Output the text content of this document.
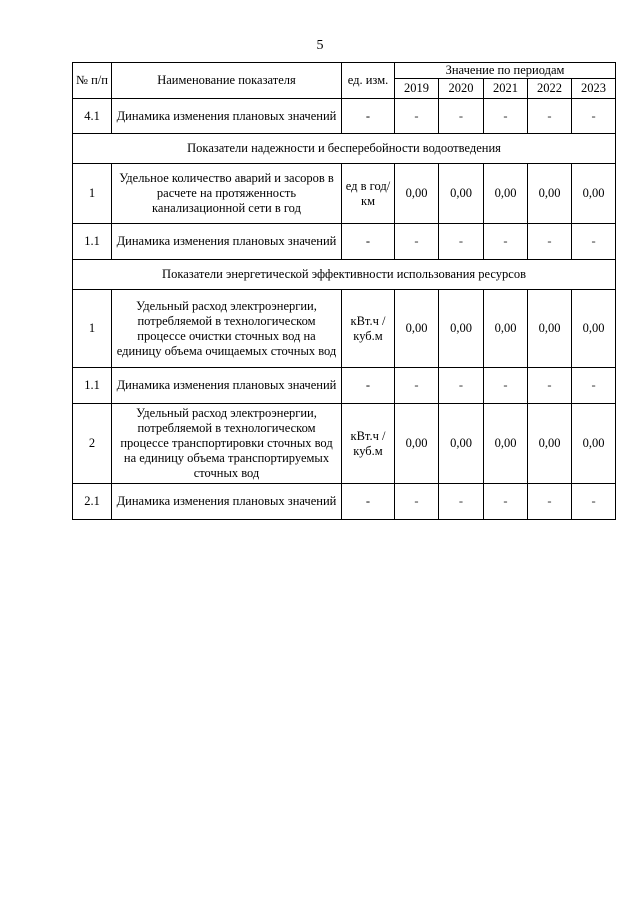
5
№ п/п	Наименование показателя	ед. изм.	Значение по периодам				
			2019	2020	2021	2022	2023
4.1	Динамика изменения плановых значений	-	-	-	-	-	-
Показатели надежности и бесперебойности водоотведения							
1	Удельное количество аварий и засоров в расчете на протяженность канализационной сети в год	ед в год/ км	0,00	0,00	0,00	0,00	0,00
1.1	Динамика изменения плановых значений	-	-	-	-	-	-
Показатели энергетической эффективности использования ресурсов							
1	Удельный расход электроэнергии, потребляемой в технологическом процессе очистки сточных вод на единицу объема очищаемых сточных вод	кВт.ч / куб.м	0,00	0,00	0,00	0,00	0,00
1.1	Динамика изменения плановых значений	-	-	-	-	-	-
2	Удельный расход электроэнергии, потребляемой в технологическом процессе транспортировки сточных вод на единицу объема транспортируемых сточных вод	кВт.ч / куб.м	0,00	0,00	0,00	0,00	0,00
2.1	Динамика изменения плановых значений	-	-	-	-	-	-
